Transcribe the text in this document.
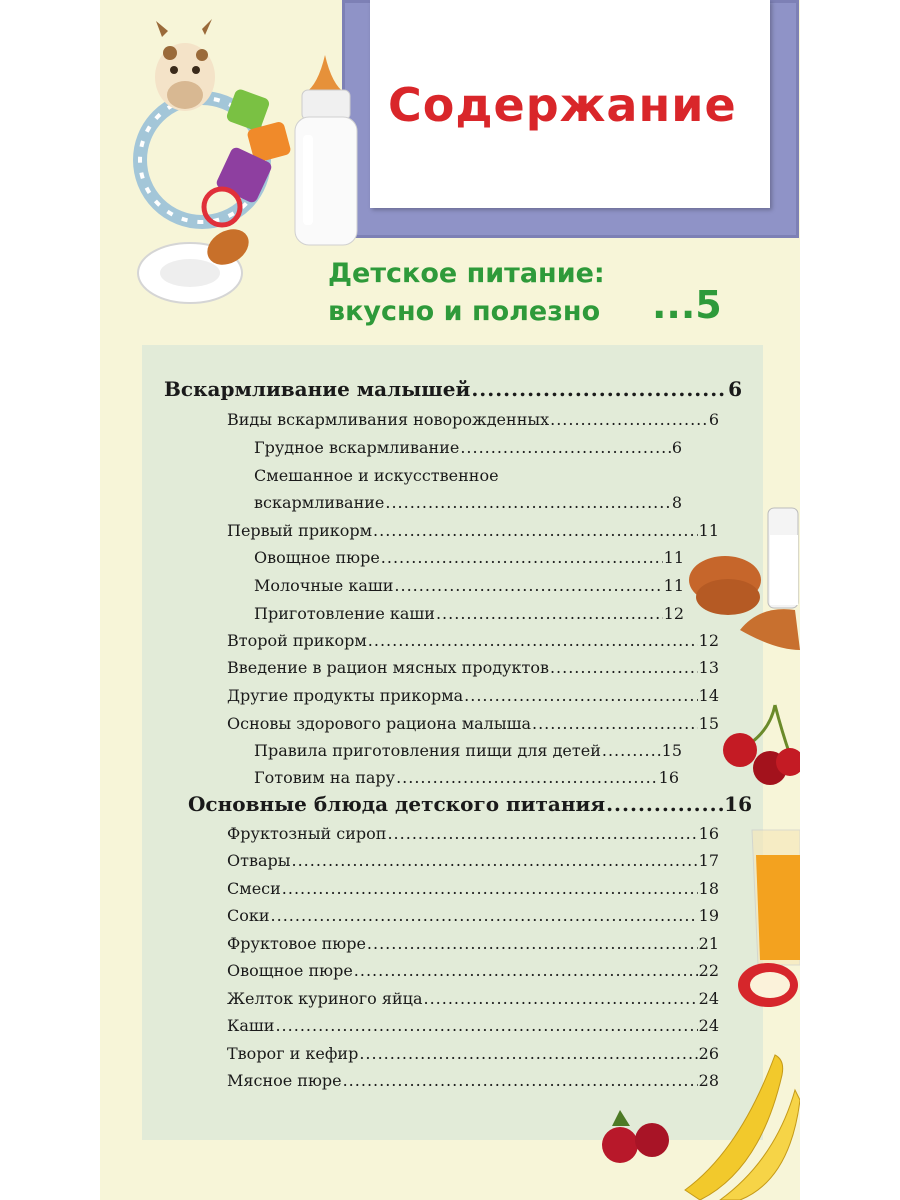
Содержание
Детское питание:
вкусно и полезно	...5
Вскармливание малышей .....	6
Виды вскармливания новорожденных .....	6
Грудное вскармливание .....	6
Смешанное и искусственное
вскармливание .....	8
Первый прикорм .....	11
Овощное пюре .....	11
Молочные каши .....	11
Приготовление каши .....	12
Второй прикорм .....	12
Введение в рацион мясных продуктов .....	13
Другие продукты прикорма .....	14
Основы здорового рациона малыша .....	15
Правила приготовления пищи для детей .....	15
Готовим на пару .....	16
Основные блюда детского питания .....	16
Фруктозный сироп .....	16
Отвары .....	17
Смеси .....	18
Соки .....	19
Фруктовое пюре .....	21
Овощное пюре .....	22
Желток куриного яйца .....	24
Каши .....	24
Творог и кефир .....	26
Мясное пюре .....	28
